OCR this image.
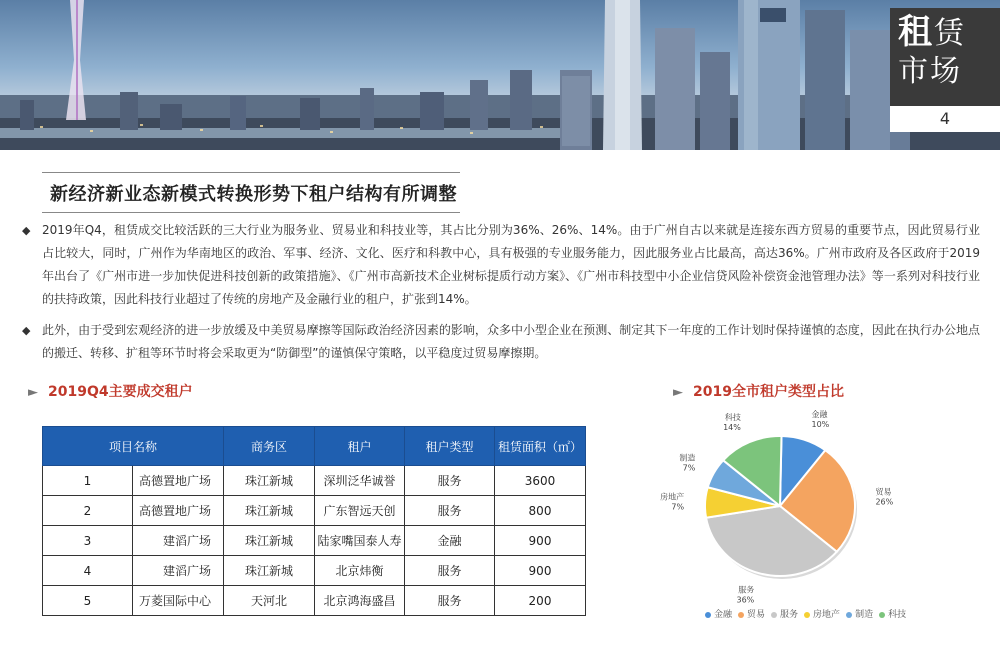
租赁
市场
4
新经济新业态新模式转换形势下租户结构有所调整
◆ 2019年Q4，租赁成交比较活跃的三大行业为服务业、贸易业和科技业等，其占比分别为36%、26%、14%。由于广州自古以来就是连接东西方贸易的重要节点，因此贸易行业占比较大，同时，广州作为华南地区的政治、军事、经济、文化、医疗和科教中心，具有极强的专业服务能力，因此服务业占比最高，高达36%。广州市政府及各区政府于2019年出台了《广州市进一步加快促进科技创新的政策措施》、《广州市高新技术企业树标提质行动方案》、《广州市科技型中小企业信贷风险补偿资金池管理办法》等一系列对科技行业的扶持政策，因此科技行业超过了传统的房地产及金融行业的租户，扩张到14%。
◆ 此外，由于受到宏观经济的进一步放缓及中美贸易摩擦等国际政治经济因素的影响，众多中小型企业在预测、制定其下一年度的工作计划时保持谨慎的态度，因此在执行办公地点的搬迁、转移、扩租等环节时将会采取更为“防御型”的谨慎保守策略，以平稳度过贸易摩擦期。
► 2019Q4主要成交租户	► 2019全市租户类型占比
项目名称		商务区	租户	租户类型	租赁面积（㎡）
1	高德置地广场	珠江新城	深圳泛华诚誉	服务	3600
2	高德置地广场	珠江新城	广东智远天创	服务	800
3	建滔广场	珠江新城	陆家嘴国泰人寿	金融	900
4	建滔广场	珠江新城	北京炜衡	服务	900
5	万菱国际中心	天河北	北京鸿海盛昌	服务	200
金融
10%
贸易
26%
服务
36%
房地产
7%
制造
7%
科技
14%
金融 贸易 服务 房地产 制造 科技
